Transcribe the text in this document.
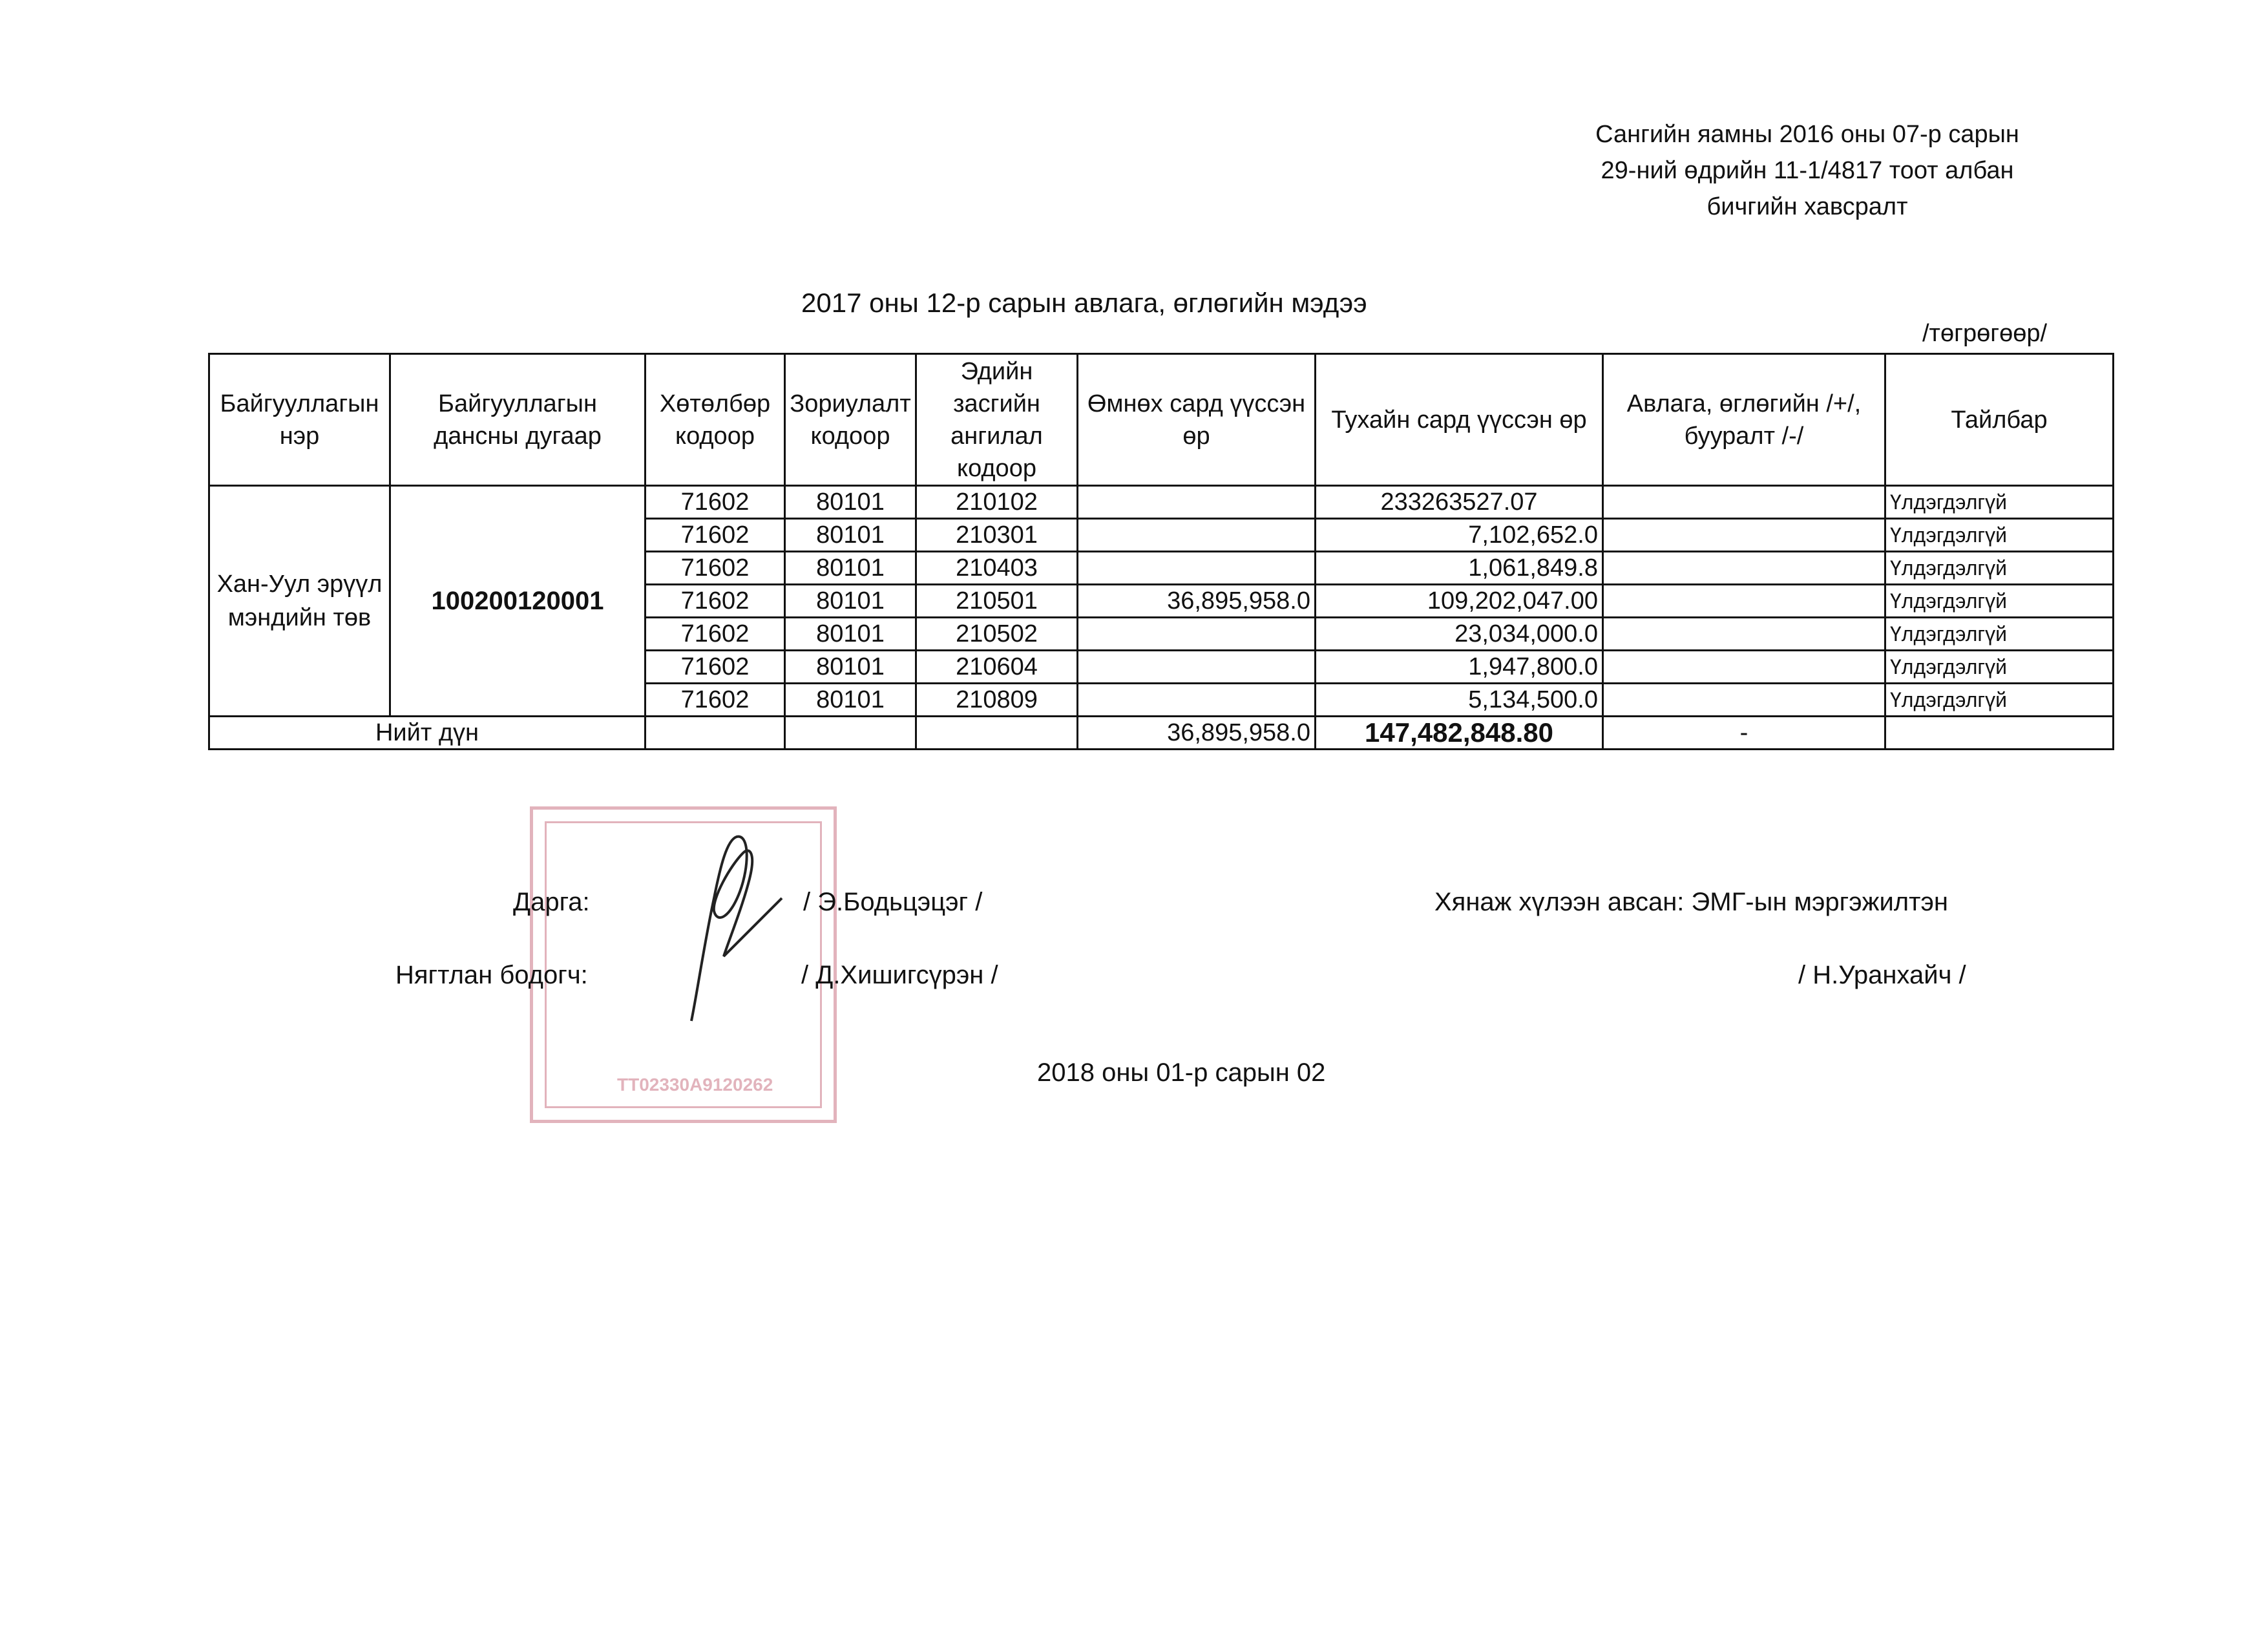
Сангийн яамны 2016 оны 07-р сарын
29-ний өдрийн 11-1/4817 тоот албан
бичгийн хавсралт
2017 оны 12-р сарын авлага, өглөгийн мэдээ
/төгрөгөөр/
Байгууллагын нэр	Байгууллагын дансны дугаар	Хөтөлбөр кодоор	Зориулалт кодоор	Эдийн засгийн ангилал кодоор	Өмнөх сард үүссэн өр	Тухайн сард үүссэн өр	Авлага, өглөгийн /+/, бууралт /-/	Тайлбар
Хан-Уул эрүүл мэндийн төв	100200120001	71602	80101	210102		233263527.07		Үлдэгдэлгүй
		71602	80101	210301		7,102,652.0		Үлдэгдэлгүй
		71602	80101	210403		1,061,849.8		Үлдэгдэлгүй
		71602	80101	210501	36,895,958.0	109,202,047.00		Үлдэгдэлгүй
		71602	80101	210502		23,034,000.0		Үлдэгдэлгүй
		71602	80101	210604		1,947,800.0		Үлдэгдэлгүй
		71602	80101	210809		5,134,500.0		Үлдэгдэлгүй
Нийт дүн					36,895,958.0	147,482,848.80	-	
ТТ02330А9120262
Дарга:	/ Э.Бодьцэцэг /
Нягтлан бодогч:	/ Д.Хишигсүрэн /
Хянаж хүлээн авсан: ЭМГ-ын мэргэжилтэн
/ Н.Уранхайч /
2018 оны 01-р сарын 02
